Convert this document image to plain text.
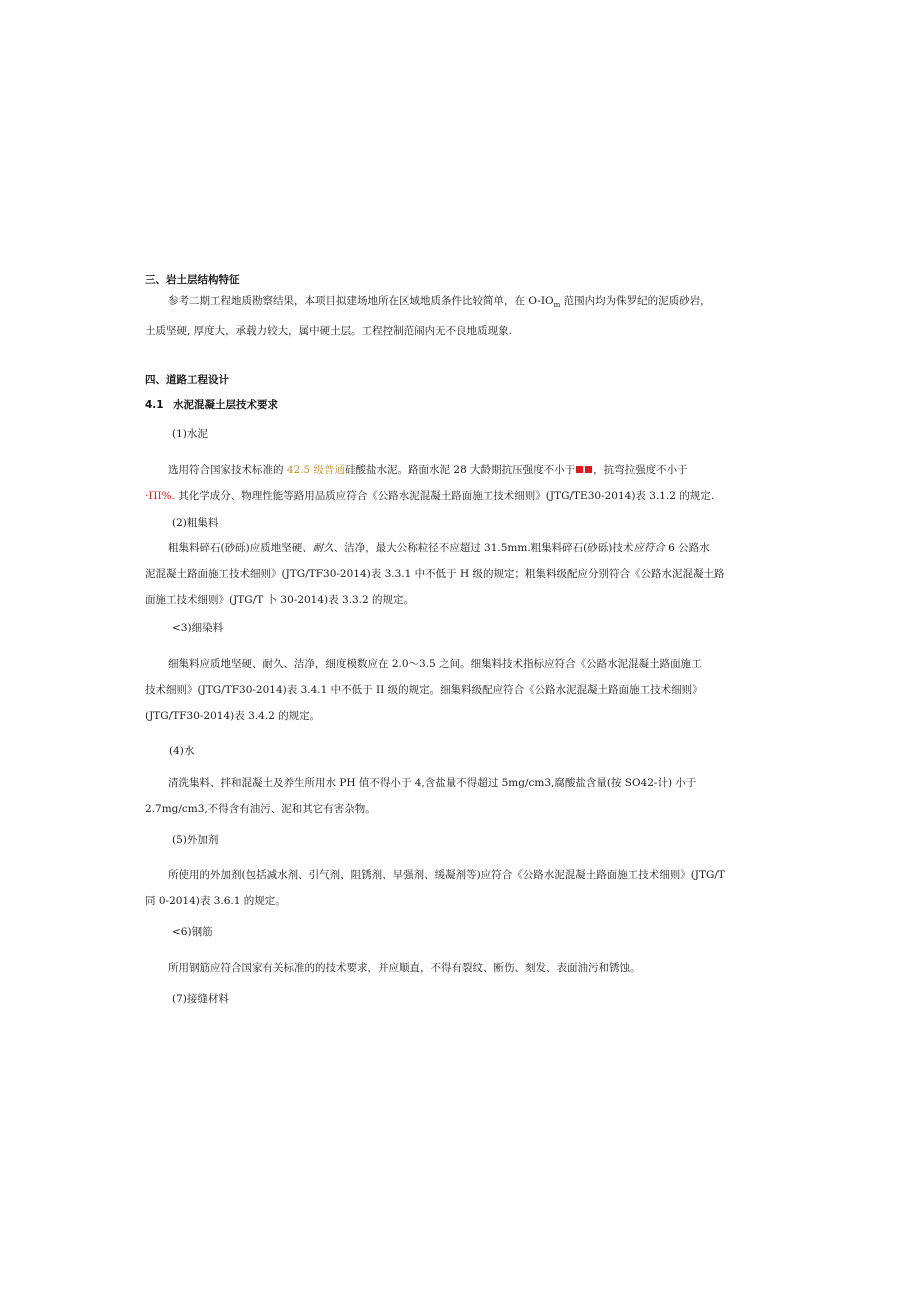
三、岩土层结构特征
参考二期工程地质勘察结果，本项目拟建场地所在区域地质条件比较简单，在 $O-IO_m$ 范围内均为侏罗纪的泥质砂岩，
土质坚硬, 厚度大，承载力较大，属中硬土层。工程控制范闹内无不良地质现象.
四、道路工程设计
4.1 水泥混凝土层技术要求
(1)水泥
选用符合国家技术标准的 42.5 级普通硅酸盐水泥。路面水泥 28 大龄期抗压强度不小于 ，抗弯拉强度不小于
·ΠI%. 其化学成分、物理性能等路用品质应符合《公路水泥混凝土路面施工技术细则》(JTG/TE30-2014)表 3.1.2 的规定.
(2)粗集料
粗集料碎石(砂砾)应质地坚硬、耐久、洁净，最大公称粒径不应超过 31.5mm.粗集料碎石(砂砾)技术应符合 6 公路水
泥混凝土路面施工技术细则》(JTG/TF30-2014)表 3.3.1 中不低于 H 级的规定；粗集料级配应分别符合《公路水泥混凝土路
面施工技术细则》(JTG/T 卜 30-2014)表 3.3.2 的规定。
<3)细染料
细集料应质地坚硬、耐久、洁净，细度模数应在 2.0～3.5 之间。细集料技术指标应符合《公路水泥混凝土路面施工
技术细则》(JTG/TF30-2014)表 3.4.1 中不低于 II 级的规定。细集料级配应符合《公路水泥混凝土路面施工技术细则》
(JTG/TF30-2014)表 3.4.2 的规定。
(4)水
清洗集料、拌和混凝土及养生所用水 PH 值不得小于 4,含盐量不得超过 5mg/cm3,腐酸盐含量(按 SO42-计) 小于
2.7mg/cm3,不得含有油污、泥和其它有害杂物。
(5)外加剂
所使用的外加剂(包括减水剂、引气剂、阻锈剂、早强剂、缓凝剂等)应符合《公路水泥混凝土路面施工技术细则》(JTG/T
同 0-2014)表 3.6.1 的规定。
<6)钢筋
所用钢筋应符合国家有关标准的的技术要求，并应顺直，不得有裂纹、断伤、刻发、表面油污和锈蚀。
(7)接缝材料
